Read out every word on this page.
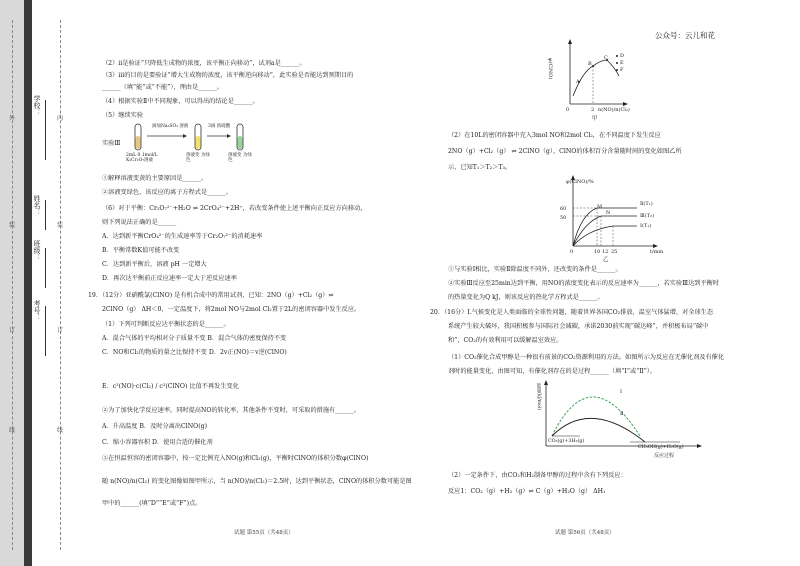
外
装
订
线
内
装
订
线
学校：
姓名：
班级：
考号：
公众号：云儿和花
（2）ⅱ是验证“只降低生成物的浓度，该平衡正向移动”，试剂a是______。
（3）ⅲ的目的是要验证“增大生成物的浓度，该平衡逆向移动”，此实验是否能达到预期目的
______（填“能”或“不能”），理由是______。
（4）根据实验Ⅱ中不同现象，可以得出的结论是______。
（5）继续实验
实验Ⅲ
滴加Na₂SO₃ 溶液	3滴 浓硫酸
2mL 0.1mol/L K₂Cr₂O₇溶液
溶液变 为绿色
溶液变 为绿色
①解释溶液变黄的主要原因是______。
②溶液变绿色，该反应的离子方程式是______。
（6）对于平衡：Cr₂O₇²⁻+H₂O ⇌ 2CrO₄²⁻+2H⁺，若改变条件使上述平衡向正反应方向移动，
则下列说法正确的是______
A．达到新平衡CrO₄²⁻的生成速率等于Cr₂O₇²⁻的消耗速率
B．平衡常数K值可能不改变
C．达到新平衡后，溶液 pH 一定增大
D．再次达平衡前正反应速率一定大于逆反应速率
19．（12分）亚硝酰氯(ClNO) 是有机合成中的常用试剂，已知：2NO（g）+Cl₂（g）⇌
2ClNO（g） ΔH＜0，一定温度下，将2mol NO与2mol Cl₂置于2L的密闭容器中发生反应。
（1）下列可判断反应达平衡状态的是______。
A．混合气体的平均相对分子质量不变 B．混合气体的密度保持不变
C．NO和Cl₂的物质的量之比保持不变 D．2v正(NO)＝v逆(ClNO)
E．c²(NO)·c(Cl₂) / c²(ClNO) 比值不再发生变化
②为了加快化学反应速率，同时提高NO的转化率，其他条件不变时，可采取的措施有______。
A．升高温度 B．及时分离出ClNO(g)
C．缩小容器容积 D．使用合适的催化剂
③在恒温恒容的密闭容器中，按一定比例充入NO(g)和Cl₂(g)，平衡时ClNO的体积分数φ(ClNO)
随 n(NO)/n(Cl₂) 的变化图像如图甲所示，当 n(NO)/n(Cl₂)＝2.5时，达到平衡状态，ClNO的体积分数可能是图
甲中的______(填“D”“E”或“F”)点。
φ(ClNO)
A
B
C D
E
F
0	2 n(NO)/n(Cl₂)
甲
（2）在10L的密闭容器中充入3mol NO和2mol Cl₂，在不同温度下发生反应
2NO（g）+Cl₂（g） ⇌ 2ClNO（g），ClNO的体积百分含量随时间的变化如图乙所
示，已知T₁＞T₂＞T₃。
φ(ClNO)/%
60
50
M
N
Ⅱ(T₁)
Ⅲ(T₂)
Ⅰ(T₁)
0	10 12 25	t/min
乙
①与实验Ⅰ相比，实验Ⅱ除温度不同外，还改变的条件是______。
②实验Ⅲ反应至25min达到平衡，用NO的浓度变化表示的反应速率为______，若实验Ⅲ达到平衡时
的热量变化为Q kJ，则该反应的热化学方程式是______。
20．（16分）Ⅰ.气候变化是人类面临的全球性问题，随着世界各国CO₂排放，温室气体猛增，对全球生态
系统产生较大破坏，我国积极参与国际社会减碳，承诺2030前实现“碳达峰”，并积极布局“碳中
和”，CO₂的有效利用可以缓解温室效应。
（1）CO₂催化合成甲醇是一种很有前景的CO₂资源利用的方法。如图所示为反应在无催化剂及有催化
剂时的能量变化，由图可知，有催化剂存在的是过程______（填“Ⅰ”或“Ⅱ”）。
能量(kJ/mol)	Ⅰ
Ⅱ
CO₂(g)+3H₂(g)
CH₃OH(g)+H₂O(g)
反应过程
（2）一定条件下，由CO₂和H₂制备甲醇的过程中含有下列反应：
反应1：CO₂（g）+H₂（g）⇌ C（g）+H₂O（g） ΔH₁
试题 第55页（共48页）	试题 第56页（共48页）
